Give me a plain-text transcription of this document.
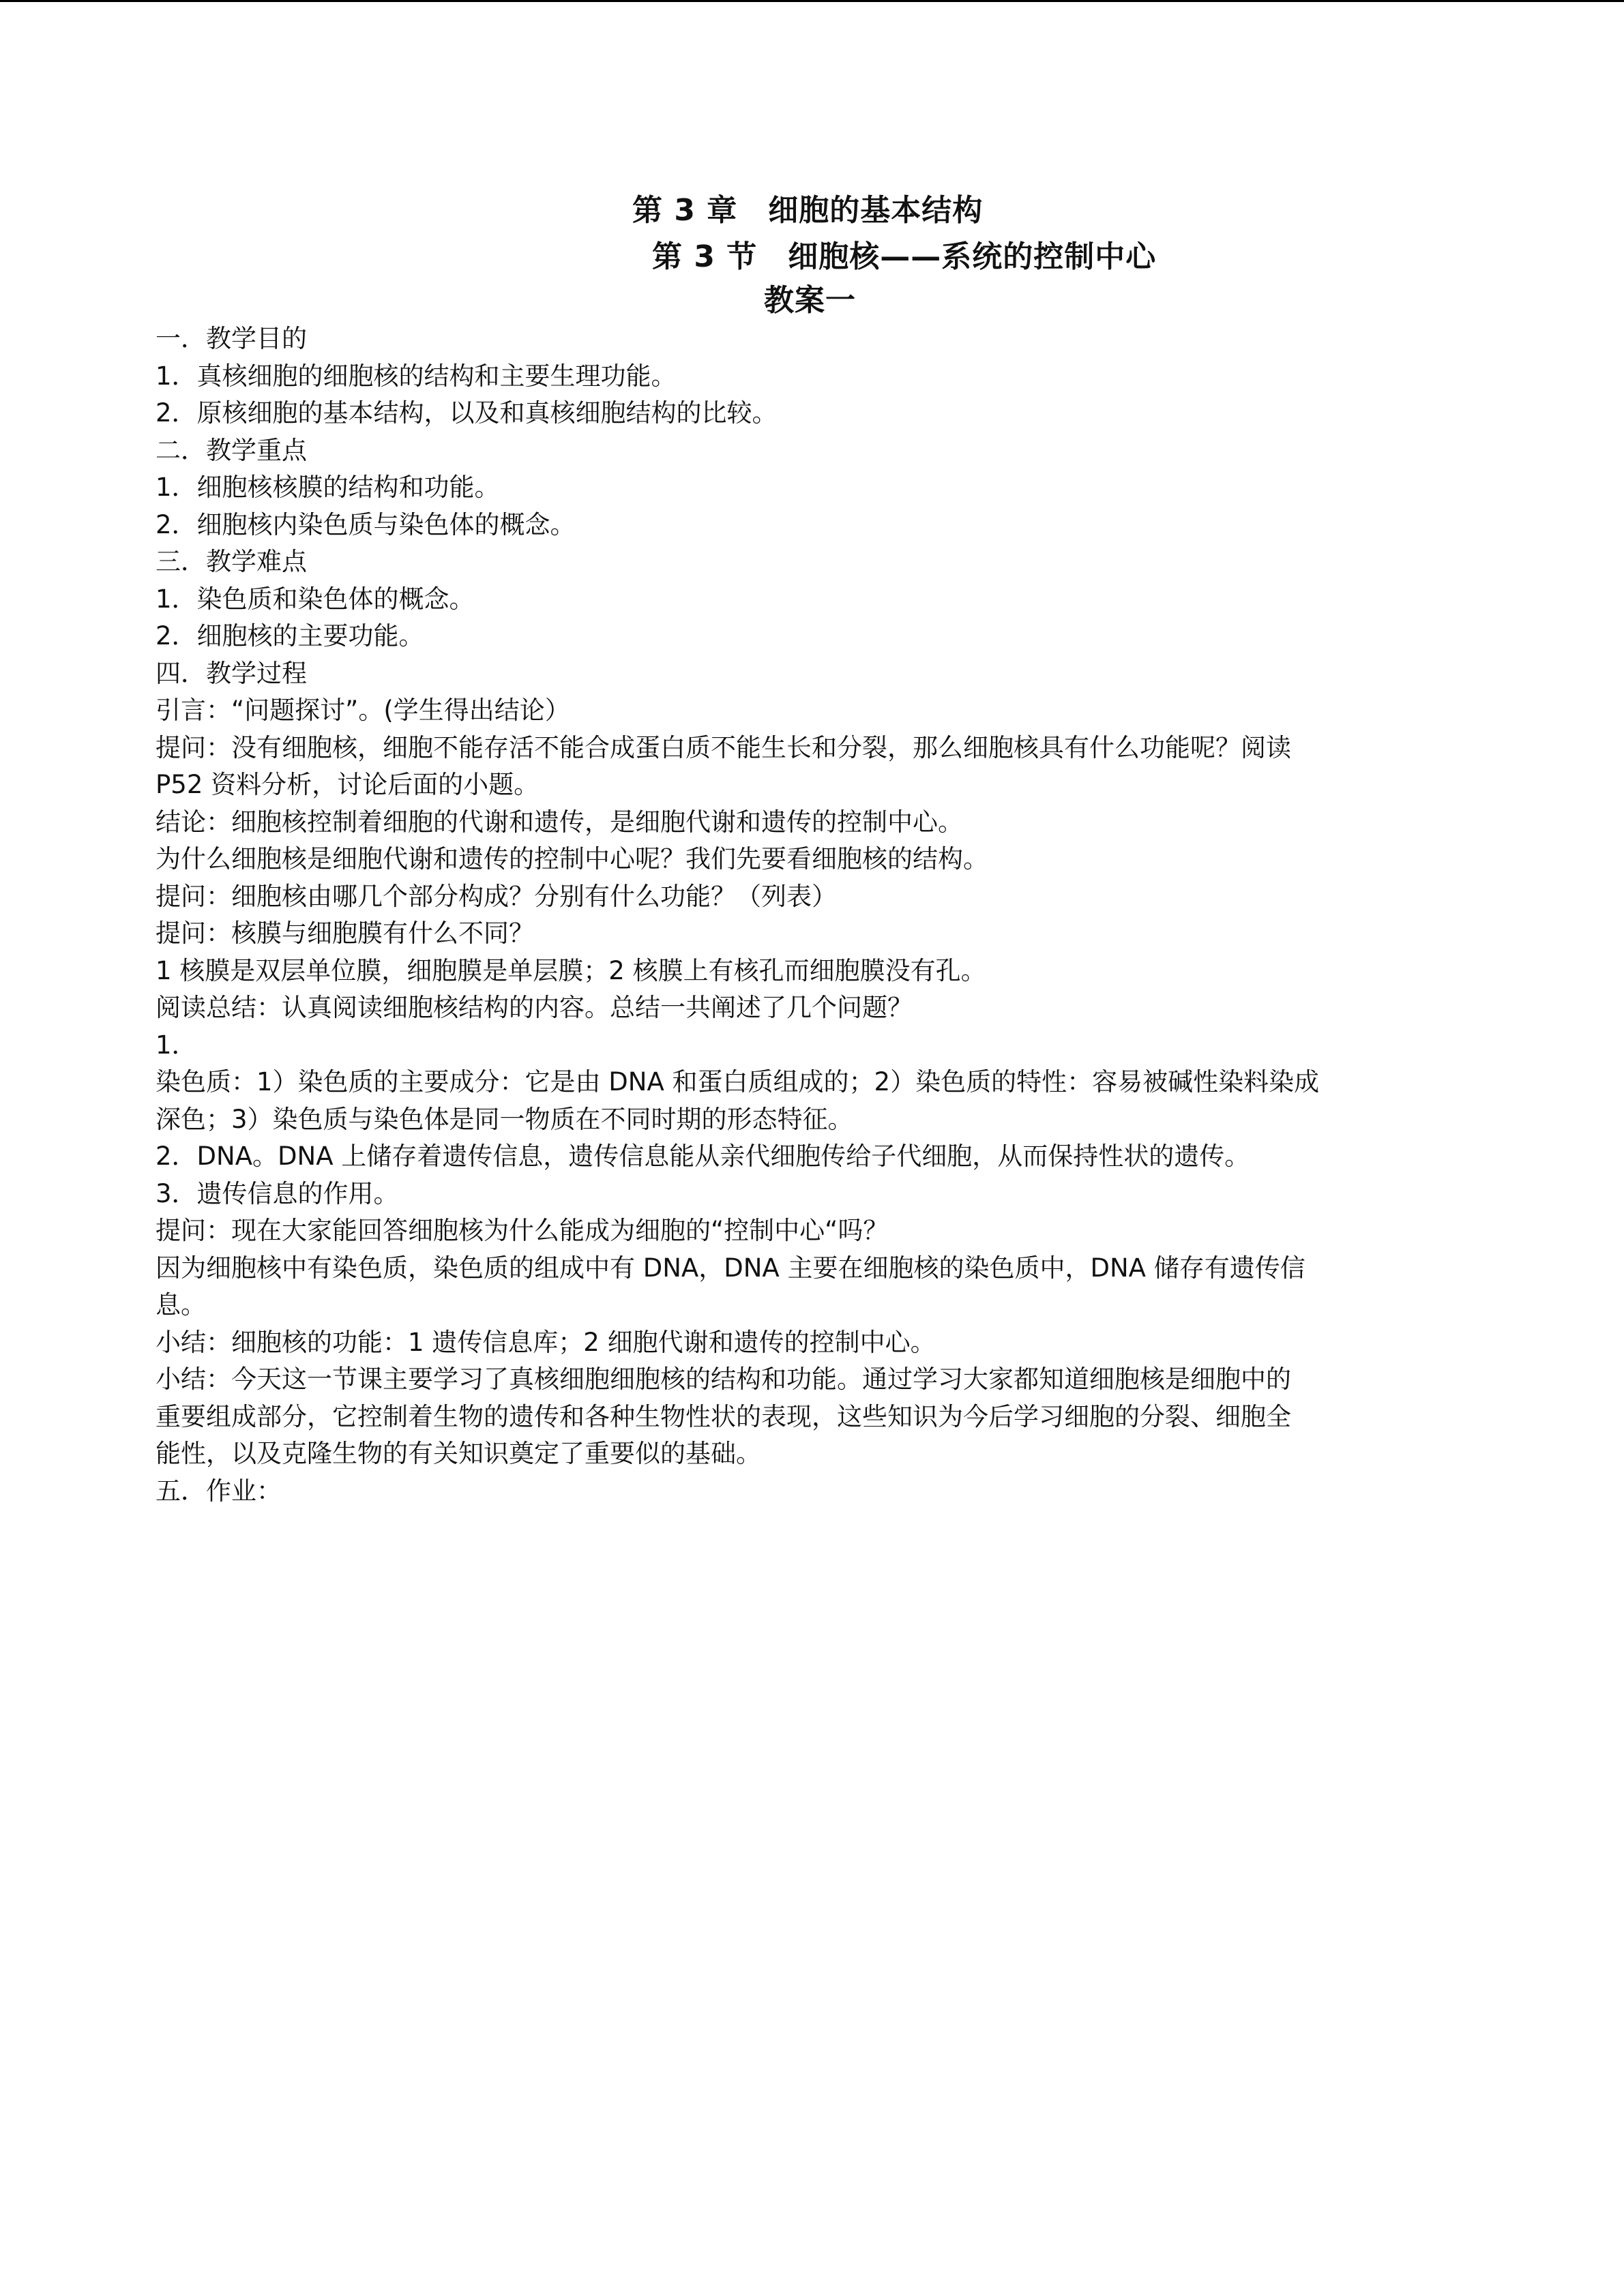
第 3 章　细胞的基本结构
第 3 节　细胞核——系统的控制中心
教案一
一．教学目的
1．真核细胞的细胞核的结构和主要生理功能。
2．原核细胞的基本结构，以及和真核细胞结构的比较。
二．教学重点
1．细胞核核膜的结构和功能。
2．细胞核内染色质与染色体的概念。
三．教学难点
1．染色质和染色体的概念。
2．细胞核的主要功能。
四．教学过程
引言：“问题探讨”。(学生得出结论）
提问：没有细胞核，细胞不能存活不能合成蛋白质不能生长和分裂，那么细胞核具有什么功能呢？阅读
P52 资料分析，讨论后面的小题。
结论：细胞核控制着细胞的代谢和遗传，是细胞代谢和遗传的控制中心。
为什么细胞核是细胞代谢和遗传的控制中心呢？我们先要看细胞核的结构。
提问：细胞核由哪几个部分构成？分别有什么功能？（列表）
提问：核膜与细胞膜有什么不同？
1 核膜是双层单位膜，细胞膜是单层膜；2 核膜上有核孔而细胞膜没有孔。
阅读总结：认真阅读细胞核结构的内容。总结一共阐述了几个问题？
1．
染色质：1）染色质的主要成分：它是由 DNA 和蛋白质组成的；2）染色质的特性：容易被碱性染料染成
深色；3）染色质与染色体是同一物质在不同时期的形态特征。
2．DNA。DNA 上储存着遗传信息，遗传信息能从亲代细胞传给子代细胞，从而保持性状的遗传。
3．遗传信息的作用。
提问：现在大家能回答细胞核为什么能成为细胞的“控制中心“吗？
因为细胞核中有染色质，染色质的组成中有 DNA，DNA 主要在细胞核的染色质中，DNA 储存有遗传信
息。
小结：细胞核的功能：1 遗传信息库；2 细胞代谢和遗传的控制中心。
小结：今天这一节课主要学习了真核细胞细胞核的结构和功能。通过学习大家都知道细胞核是细胞中的
重要组成部分，它控制着生物的遗传和各种生物性状的表现，这些知识为今后学习细胞的分裂、细胞全
能性，以及克隆生物的有关知识奠定了重要似的基础。
五．作业：
